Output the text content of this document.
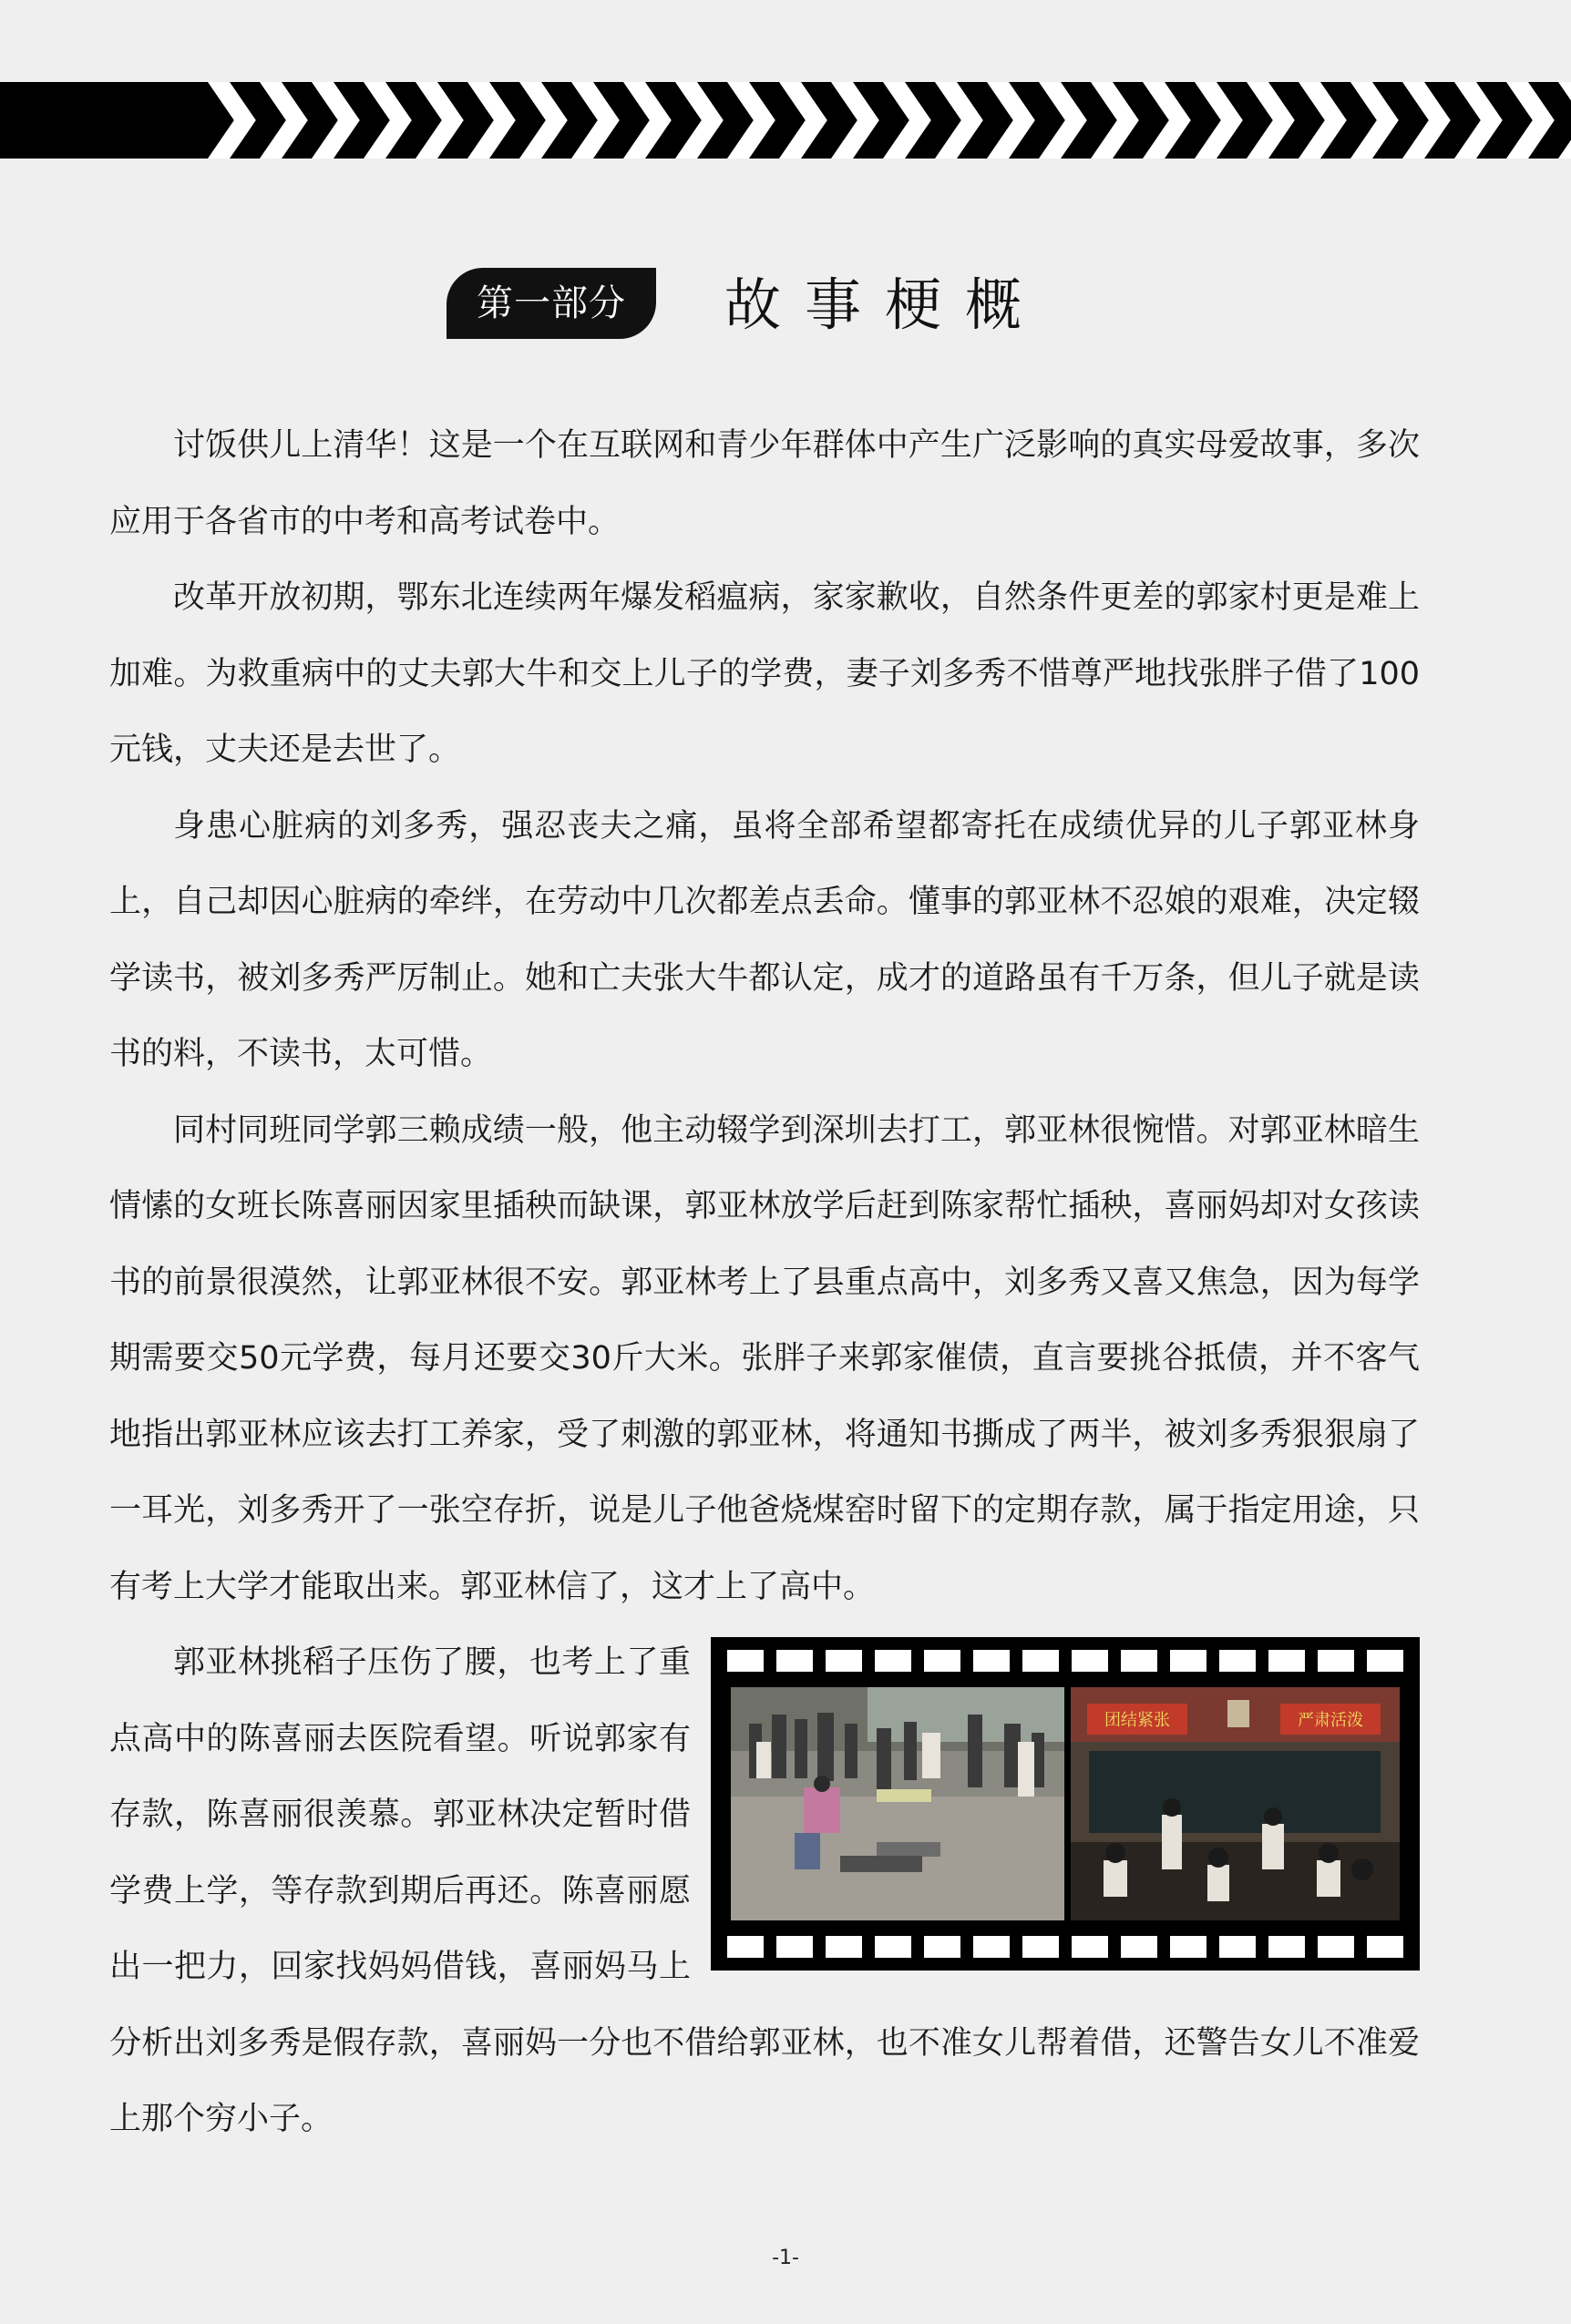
第一部分	故事梗概

讨饭供儿上清华！这是一个在互联网和青少年群体中产生广泛影响的真实母爱故事，多次应用于各省市的中考和高考试卷中。

改革开放初期，鄂东北连续两年爆发稻瘟病，家家歉收，自然条件更差的郭家村更是难上加难。为救重病中的丈夫郭大牛和交上儿子的学费，妻子刘多秀不惜尊严地找张胖子借了100元钱，丈夫还是去世了。

身患心脏病的刘多秀，强忍丧夫之痛，虽将全部希望都寄托在成绩优异的儿子郭亚林身上，自己却因心脏病的牵绊，在劳动中几次都差点丢命。懂事的郭亚林不忍娘的艰难，决定辍学读书，被刘多秀严厉制止。她和亡夫张大牛都认定，成才的道路虽有千万条，但儿子就是读书的料，不读书，太可惜。

同村同班同学郭三赖成绩一般，他主动辍学到深圳去打工，郭亚林很惋惜。对郭亚林暗生情愫的女班长陈喜丽因家里插秧而缺课，郭亚林放学后赶到陈家帮忙插秧，喜丽妈却对女孩读书的前景很漠然，让郭亚林很不安。郭亚林考上了县重点高中，刘多秀又喜又焦急，因为每学期需要交50元学费，每月还要交30斤大米。张胖子来郭家催债，直言要挑谷抵债，并不客气地指出郭亚林应该去打工养家，受了刺激的郭亚林，将通知书撕成了两半，被刘多秀狠狠扇了一耳光，刘多秀开了一张空存折，说是儿子他爸烧煤窑时留下的定期存款，属于指定用途，只有考上大学才能取出来。郭亚林信了，这才上了高中。

团结紧张	严肃活泼

郭亚林挑稻子压伤了腰，也考上了重点高中的陈喜丽去医院看望。听说郭家有存款，陈喜丽很羡慕。郭亚林决定暂时借学费上学，等存款到期后再还。陈喜丽愿出一把力，回家找妈妈借钱，喜丽妈马上分析出刘多秀是假存款，喜丽妈一分也不借给郭亚林，也不准女儿帮着借，还警告女儿不准爱上那个穷小子。

-1-
